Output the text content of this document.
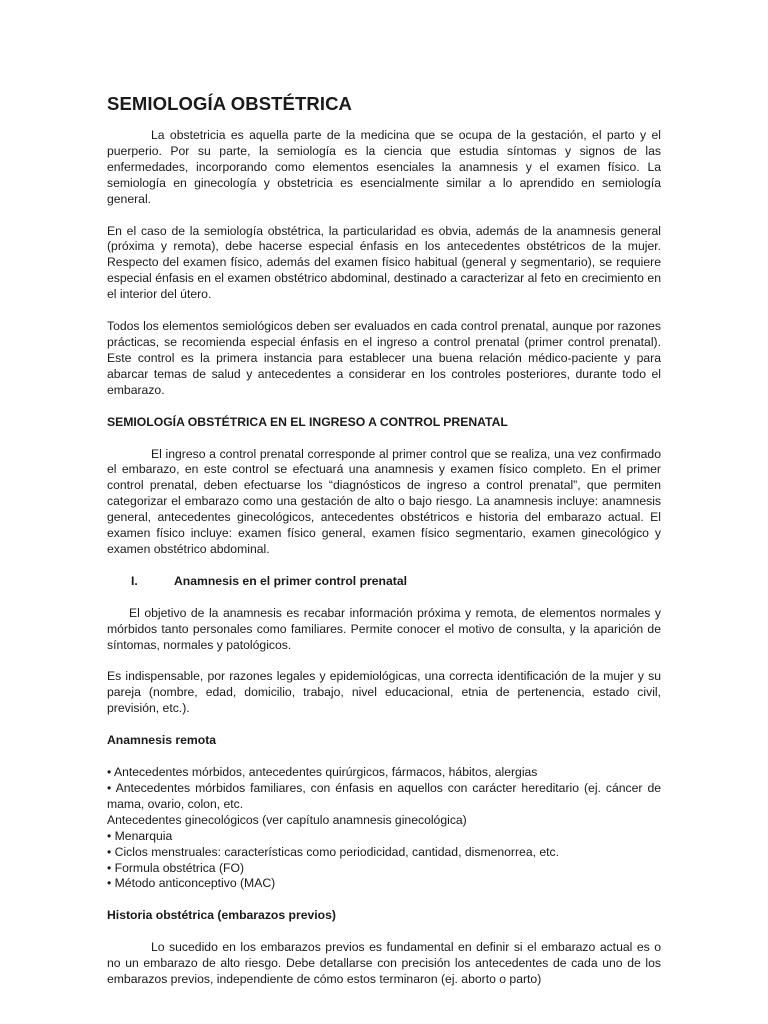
SEMIOLOGÍA OBSTÉTRICA

La obstetricia es aquella parte de la medicina que se ocupa de la gestación, el parto y el puerperio. Por su parte, la semiología es la ciencia que estudia síntomas y signos de las enfermedades, incorporando como elementos esenciales la anamnesis y el examen físico. La semiología en ginecología y obstetricia es esencialmente similar a lo aprendido en semiología general.

En el caso de la semiología obstétrica, la particularidad es obvia, además de la anamnesis general (próxima y remota), debe hacerse especial énfasis en los antecedentes obstétricos de la mujer. Respecto del examen físico, además del examen físico habitual (general y segmentario), se requiere especial énfasis en el examen obstétrico abdominal, destinado a caracterizar al feto en crecimiento en el interior del útero.

Todos los elementos semiológicos deben ser evaluados en cada control prenatal, aunque por razones prácticas, se recomienda especial énfasis en el ingreso a control prenatal (primer control prenatal). Este control es la primera instancia para establecer una buena relación médico-paciente y para abarcar temas de salud y antecedentes a considerar en los controles posteriores, durante todo el embarazo.

SEMIOLOGÍA OBSTÉTRICA EN EL INGRESO A CONTROL PRENATAL

El ingreso a control prenatal corresponde al primer control que se realiza, una vez confirmado el embarazo, en este control se efectuará una anamnesis y examen físico completo. En el primer control prenatal, deben efectuarse los “diagnósticos de ingreso a control prenatal”, que permiten categorizar el embarazo como una gestación de alto o bajo riesgo. La anamnesis incluye: anamnesis general, antecedentes ginecológicos, antecedentes obstétricos e historia del embarazo actual. El examen físico incluye: examen físico general, examen físico segmentario, examen ginecológico y examen obstétrico abdominal.

I.	Anamnesis en el primer control prenatal

El objetivo de la anamnesis es recabar información próxima y remota, de elementos normales y mórbidos tanto personales como familiares. Permite conocer el motivo de consulta, y la aparición de síntomas, normales y patológicos.

Es indispensable, por razones legales y epidemiológicas, una correcta identificación de la mujer y su pareja (nombre, edad, domicilio, trabajo, nivel educacional, etnia de pertenencia, estado civil, previsión, etc.).

Anamnesis remota
• Antecedentes mórbidos, antecedentes quirúrgicos, fármacos, hábitos, alergias
• Antecedentes mórbidos familiares, con énfasis en aquellos con carácter hereditario (ej. cáncer de mama, ovario, colon, etc.
Antecedentes ginecológicos (ver capítulo anamnesis ginecológica)
• Menarquia
• Ciclos menstruales: características como periodicidad, cantidad, dismenorrea, etc.
• Formula obstétrica (FO)
• Método anticonceptivo (MAC)
Historia obstétrica (embarazos previos)

Lo sucedido en los embarazos previos es fundamental en definir si el embarazo actual es o no un embarazo de alto riesgo. Debe detallarse con precisión los antecedentes de cada uno de los embarazos previos, independiente de cómo estos terminaron (ej. aborto o parto)
